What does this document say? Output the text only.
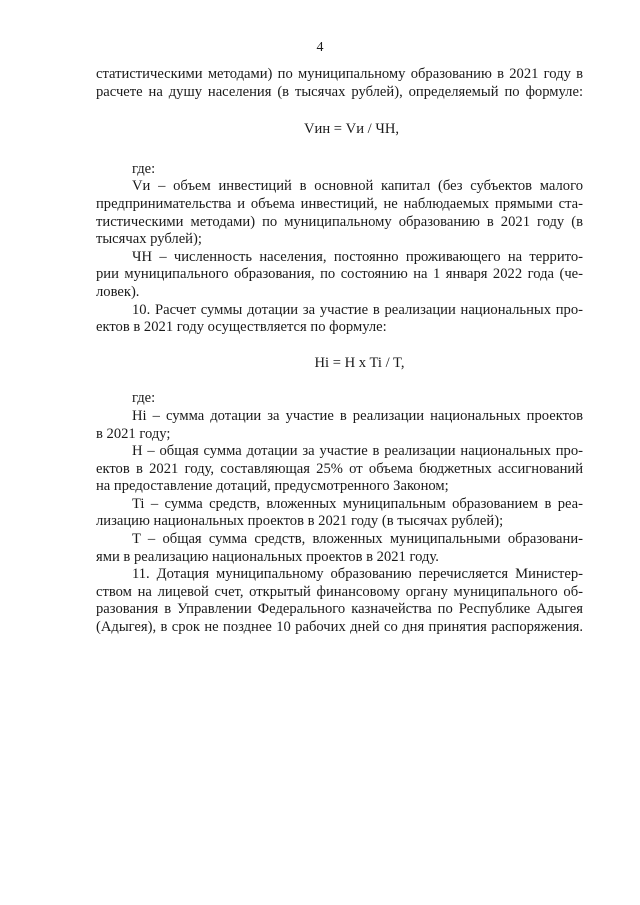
4
статистическими методами) по муниципальному образованию в 2021 году в
расчете на душу населения (в тысячах рублей), определяемый по формуле:
Vин = Vи / ЧН,
где:
Vи – объем инвестиций в основной капитал (без субъектов малого
предпринимательства и объема инвестиций, не наблюдаемых прямыми ста-
тистическими методами) по муниципальному образованию в 2021 году (в
тысячах рублей);
ЧН – численность населения, постоянно проживающего на террито-
рии муниципального образования, по состоянию на 1 января 2022 года (че-
ловек).
10. Расчет суммы дотации за участие в реализации национальных про-
ектов в 2021 году осуществляется по формуле:
Hi = H x Ti / T,
где:
Hi – сумма дотации за участие в реализации национальных проектов
в 2021 году;
H – общая сумма дотации за участие в реализации национальных про-
ектов в 2021 году, составляющая 25% от объема бюджетных ассигнований
на предоставление дотаций, предусмотренного Законом;
Ti – сумма средств, вложенных муниципальным образованием в реа-
лизацию национальных проектов в 2021 году (в тысячах рублей);
T – общая сумма средств, вложенных муниципальными образовани-
ями в реализацию национальных проектов в 2021 году.
11. Дотация муниципальному образованию перечисляется Министер-
ством на лицевой счет, открытый финансовому органу муниципального об-
разования в Управлении Федерального казначейства по Республике Адыгея
(Адыгея), в срок не позднее 10 рабочих дней со дня принятия распоряжения.
